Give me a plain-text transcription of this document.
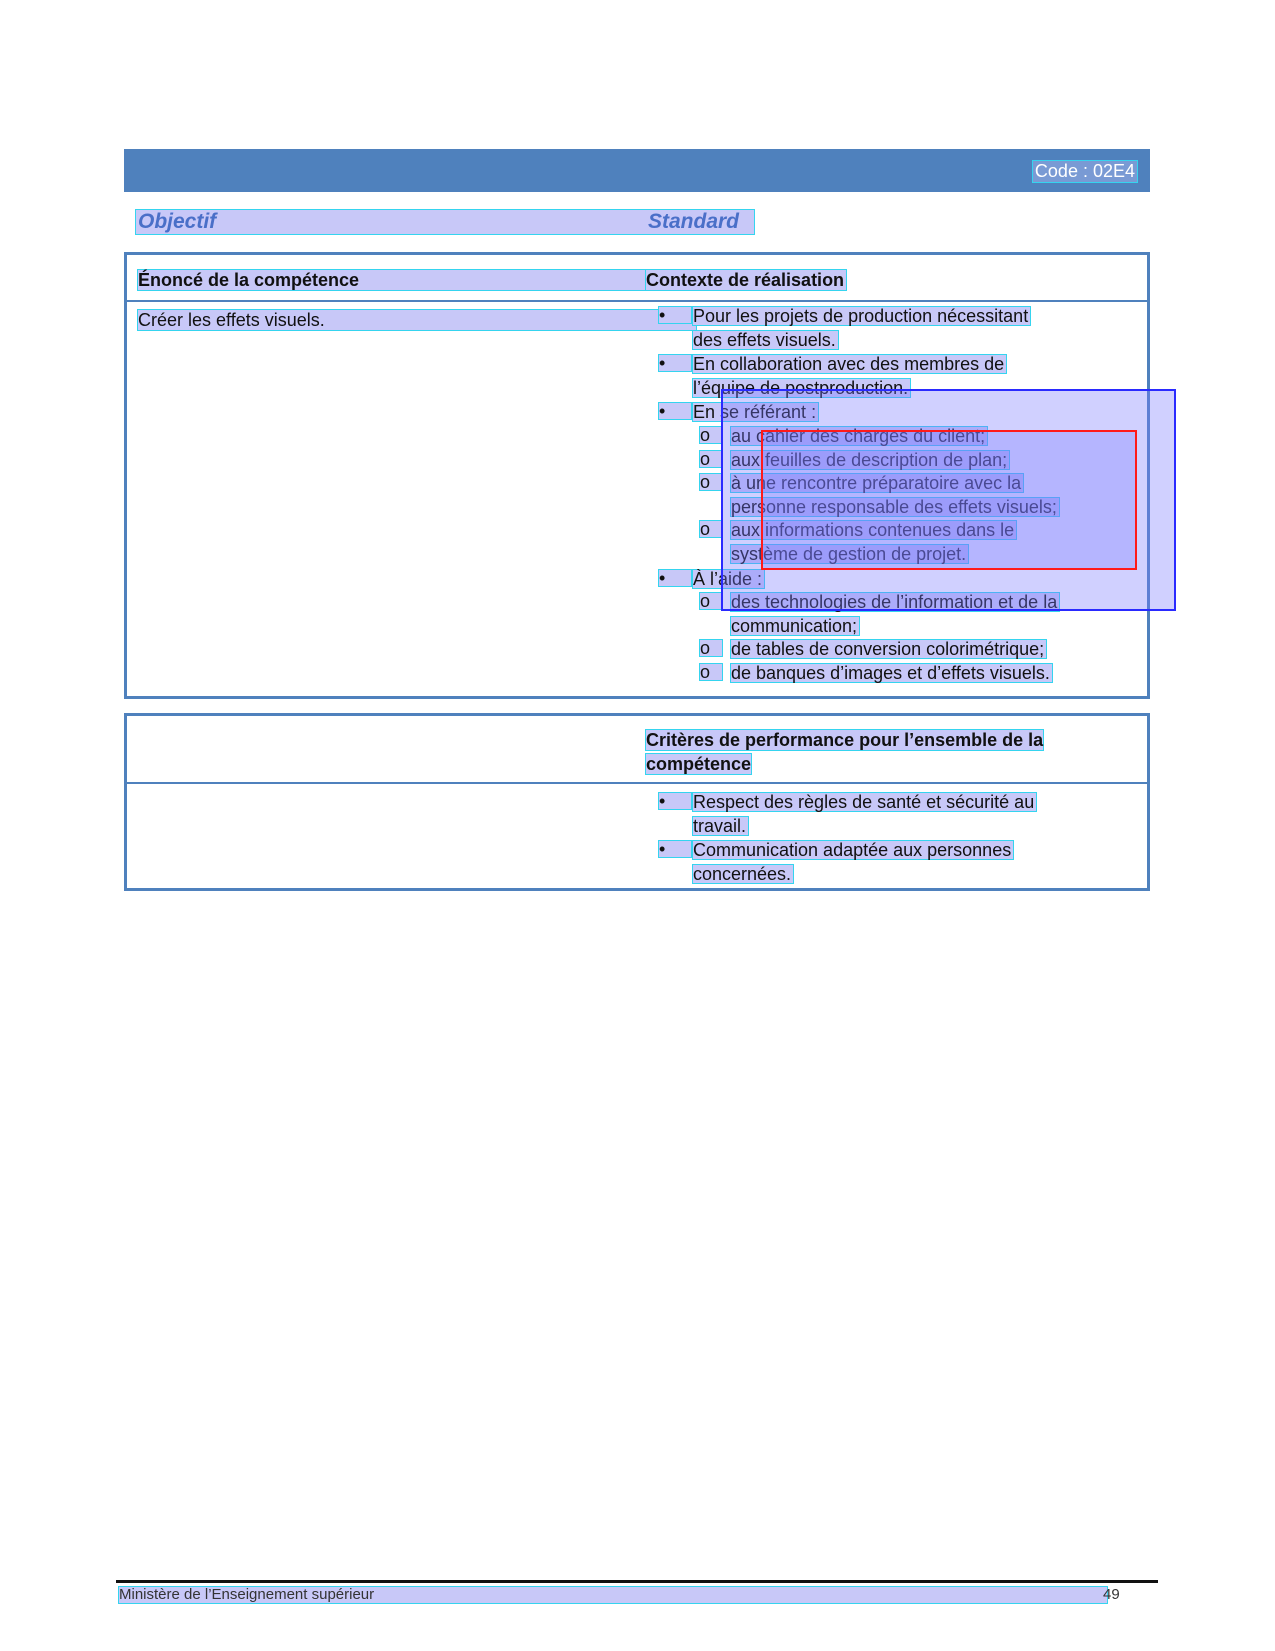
Code : 02E4
Objectif	Standard
Énoncé de la compétence	Contexte de réalisation
Créer les effets visuels.	•	Pour les projets de production nécessitant
des effets visuels.
•	En collaboration avec des membres de
l’équipe de postproduction.
•	En se référant :
o	au cahier des charges du client;
o	aux feuilles de description de plan;
o	à une rencontre préparatoire avec la
personne responsable des effets visuels;
o	aux informations contenues dans le
système de gestion de projet.
•	À l’aide :
o	des technologies de l’information et de la
communication;
o	de tables de conversion colorimétrique;
o	de banques d’images et d’effets visuels.
Critères de performance pour l’ensemble de la
compétence
•	Respect des règles de santé et sécurité au
travail.
•	Communication adaptée aux personnes
concernées.
Ministère de l’Enseignement supérieur	49
